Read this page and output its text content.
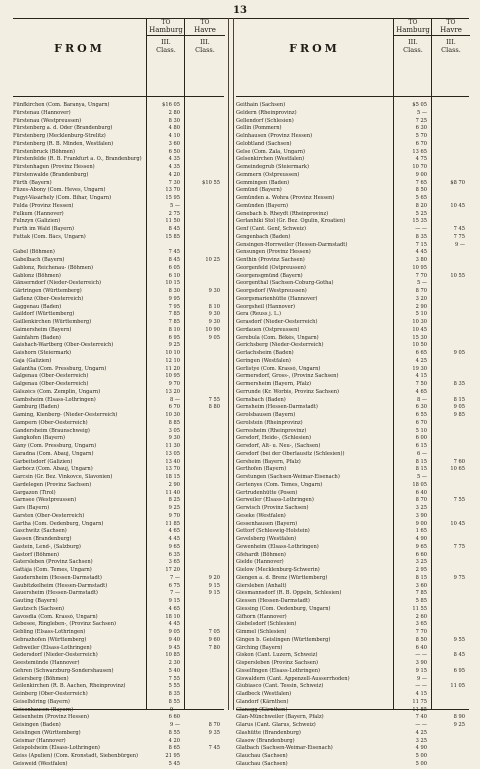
13
FROM
TO
Hamburg
III.
Class.
TO
Havre
III.
Class.
Fünfkirchen (Com. Baranya, Ungarn)	$16 05
Fürstenau (Hannover)	2 80
Fürstenau (Westpreussen)	8 30
Fürstenberg a. d. Oder (Brandenburg)	4 80
Fürstenberg (Mecklenburg-Strelitz)	4 10
Fürstenberg (R. B. Minden, Westfalen)	3 60
Fürstenbruck (Böhmen)	6 50
Fürstenfelde (R. B. Frankfurt a. O., Brandenburg)	4 35
Fürstenhagen (Provinz Hessen)	4 35
Fürstenwalde (Brandenburg)	4 20
Fürth (Bayern)	7 30	$10 55
Füzes-Abony (Com. Heves, Ungarn)	13 70
Fugyi-Vásárhely (Com. Bihar, Ungarn)	15 95
Fulda (Provinz Hessen)	5 —
Fulkum (Hannover)	2 75
Fulnzyn (Galizien)	11 50
Furth im Wald (Bayern)	8 45
Futtak (Com. Bács, Ungarn)	15 85
Gabel (Böhmen)	7 45
Gabelbach (Bayern)	8 45	10 25
Gablonz, Reichenau- (Böhmen)	6 05
Gablonz (Böhmen)	6 10
Gänserndorf (Nieder-Oesterreich)	10 15
Gärtringen (Württemberg)	8 30	9 30
Gaflenz (Ober-Oesterreich)	9 95
Gaggenau (Baden)	7 95	8 10
Gaildorf (Württemberg)	7 85	9 30
Gaillenkirchen (Württemberg)	7 85	9 30
Gaimersheim (Bayern)	8 10	10 90
Gainfahrn (Baden)	6 95	9 05
Gaishach-Wartberg (Ober-Oesterreich)	9 25
Gaishorn (Steiermark)	10 10
Gaja (Galizien)	12 10
Galantha (Com. Pressburg, Ungarn)	11 20
Galgenau (Ober-Oesterreich)	10 95
Galgenau (Ober-Oesterreich)	9 70
Gálszécs (Com. Zemplin, Ungarn)	13 20
Gambsheim (Elsass-Lothringen)	8 —	7 55
Gamburg (Baden)	6 70	8 80
Gaming, Kienberg- (Nieder-Oesterreich)	10 30
Gampern (Ober-Oesterreich)	8 85
Gandersheim (Braunschweig)	3 05
Gangkofen (Bayern)	9 30
Gány (Com. Pressburg, Ungarn)	11 30
Garadna (Com. Abauj, Ungarn)	13 05
Garbeitsdorf (Galizien)	13 40
Garbócz (Com. Abauj, Ungarn)	13 70
Garcsin (Gr. Bez. Vinkovce, Slavonien)	18 15
Gardelegen (Provinz Sachsen)	2 90
Gargazon (Tirol)	11 40
Garnsee (Westpreussen)	8 25
Gars (Bayern)	9 25
Garsten (Ober-Oesterreich)	9 70
Gartha (Com. Oedenburg, Ungarn)	11 85
Gaschwitz (Sachsen)	4 65
Gassen (Brandenburg)	4 45
Gastein, Lend-, (Salzburg)	9 65
Gastorf (Böhmen)	6 35
Gatersleben (Provinz Sachsen)	3 65
Gattája (Com. Temes, Ungarn)	17 20
Gaudernheim (Hessen-Darmstadt)	7 —	9 20
Gaubitzkelheim (Hessen-Darmstadt)	6 75	9 15
Gauersheim (Hessen-Darmstadt)	7 —	9 15
Gauting (Bayern)	9 15
Gautzsch (Sachsen)	4 65
Gavosdia (Com. Krassó, Ungarn)	18 10
Gebesee, Ringleben-, (Provinz Sachsen)	4 45
Gebling (Elsass-Lothringen)	9 05	7 05
Gebrazhofen (Württemberg)	9 40	9 60
Gebweiler (Elsass-Lothringen)	9 45	7 80
Gedersdorf (Nieder-Oesterreich)	10 85
Geestemünde (Hannover)	2 30
Gehren (Schwarzburg-Sondershausen)	5 40
Geiersberg (Böhmen)	7 55
Geilenkirchen (R. B. Aachen, Rheinprovinz)	5 55
Geinberg (Ober-Oesterreich)	8 35
Geiselhöring (Bayern)	8 55
Geisenhausen (Bayern)	9 —
Geisenheim (Provinz Hessen)	6 60
Geisingen (Baden)	9 —	8 70
Geislingen (Württemberg)	8 55	9 35
Geismar (Hannover)	4 20
Geispolsheim (Elsass-Lothringen)	8 65	7 45
Geiss (Apulien) (Com. Kronstadt, Siebenbürgen)	21 95
Geiswеid (Westfalen)	5 45
FROM
TO
Hamburg
III.
Class.
TO
Havre
III.
Class.
Geithain (Sachsen)	$5 05
Geldern (Rheinprovinz)	5 —
Gellendorf (Schlesien)	7 25
Gellin (Pommern)	6 30
Gelnhausen (Provinz Hessen)	5 70
Gelobtland (Sachsen)	6 70
Gelse (Com. Zala, Ungarn)	13 65
Gelsenkirchen (Westfalen)	4 75
Gemeindegrub (Steiermark)	10 70
Gemmern (Ostpreussen)	9 00
Gemmingen (Baden)	7 65	$8 70
Gemünd (Bayern)	8 50
Gemünden a. Wohra (Provinz Hessen)	5 65
Gemünden (Bayern)	8 20	10 45
Genebach b. Rheydt (Rheinprovinz)	5 25
Gerlanhiki Stol (Gr. Bez. Ogulin, Kroatien)	15 35
Genf (Cant. Genf, Schweiz)	— —	7 45
Gengenbach (Baden)	8 35	7 75
Gensingen-Horrweiler (Hessen-Darmstadt)	7 15	9 —
Gensungen (Provinz Hessen)	4 45
Genthin (Provinz Sachsen)	3 80
Georgenfeld (Ostpreussen)	10 95
Georgensgmünd (Bayern)	7 70	10 55
Georgenthal (Sachsen-Coburg-Gotha)	5 —
Georgsdorf (Westpreussen)	8 70
Georgsmarienhütte (Hannover)	3 20
Georgsheil (Hannover)	2 90
Gera (Reuss j. L.)	5 10
Gerasdorf (Nieder-Oesterreich)	10 30
Gerdauen (Ostpreussen)	10 45
Gerebula (Com. Békés, Ungarn)	15 30
Gerichsberg (Nieder-Oesterreich)	10 50
Gerlachsheim (Baden)	6 65	9 05
Geringen (Westfalen)	4 25
Gerlistye (Com. Krassó, Ungarn)	19 30
Germersdorf, Gross-, (Provinz Sachsen)	4 15
Germersheim (Bayern, Pfalz)	7 50	8 35
Gerrunde (Kr. Worbis, Provinz Sachsen)	4 65
Gernsbach (Baden)	8 —	8 15
Gernsheim (Hessen-Darmstadt)	6 30	9 05
Gerolsbausen (Bayern)	6 55	9 85
Gerolstein (Rheinprovinz)	6 70
Gerresheim (Rheinprovinz)	5 10
Gersdorf, Heide-, (Schlesien)	6 00
Gersdorf, Alt- u. Neu-, (Sachsen)	6 15
Gersdorf (bei der Oberlausitz (Schlesien))	6 —
Gersheim (Bayern, Pfalz)	8 15	7 60
Gerthofen (Bayern)	8 15	10 65
Gerstungen (Sachsen-Weimar-Eisenach)	5 —
Gertenyes (Com. Temes, Ungarn)	18 05
Gertrudenhütte (Posen)	6 40
Gerweiler (Elsass-Lothringen)	8 70	7 55
Gerwisch (Provinz Sachsen)	3 25
Geseke (Westfalen)	3 90
Gessenhausen (Bayern)	9 00	10 45
Gettorf (Schleswig-Holstein)	1 65
Gevelsberg (Westfalen)	4 90
Gewenheim (Elsass-Lothringen)	9 65	7 75
Gfehardt (Böhmen)	6 60
Gielde (Hannover)	3 25
Gielow (Mecklenburg-Schwerin)	2 95
Giengen a. d. Brenz (Württemberg)	8 15	9 75
Giersleben (Anhalt)	3 60
Giesmannsdorf (R. B. Oppeln, Schlesien)	7 85
Giessen (Hessen-Darmstadt)	5 85
Giessing (Com. Oedenburg, Ungarn)	11 55
Gifhorn (Hannover)	2 60
Giebelsdorf (Schlesien)	3 65
Gimmel (Schlesien)	7 70
Gingen b. Geislingen (Württemberg)	8 50	9 55
Girching (Bayern)	6 40
Giskon (Cant. Luzern, Schweiz)	— —	8 45
Gispersleben (Provinz Sachsen)	3 90
Gisselfingen (Elsass-Lothringen)	9 15	6 95
Giswaldern (Cant. Appenzell-Ausserrhoden)	9 —
Giubiasco (Cant. Tessin, Schweiz)	— —	11 05
Gladbeck (Westfalen)	4 15
Glandorf (Kärnthen)	11 75
Glanegg (Kärnthen)	11 85
Glan-Münchweiler (Bayern, Pfalz)	7 40	8 90
Glarus (Cant. Glarus, Schweiz)	— —	9 25
Glashütte (Brandenburg)	4 25
Glasow (Brandenburg)	3 25
Glatbach (Sachsen-Weimar-Eisenach)	4 90
Glauchau (Sachsen)	5 00
Glauchau (Sachsen)	5 00
